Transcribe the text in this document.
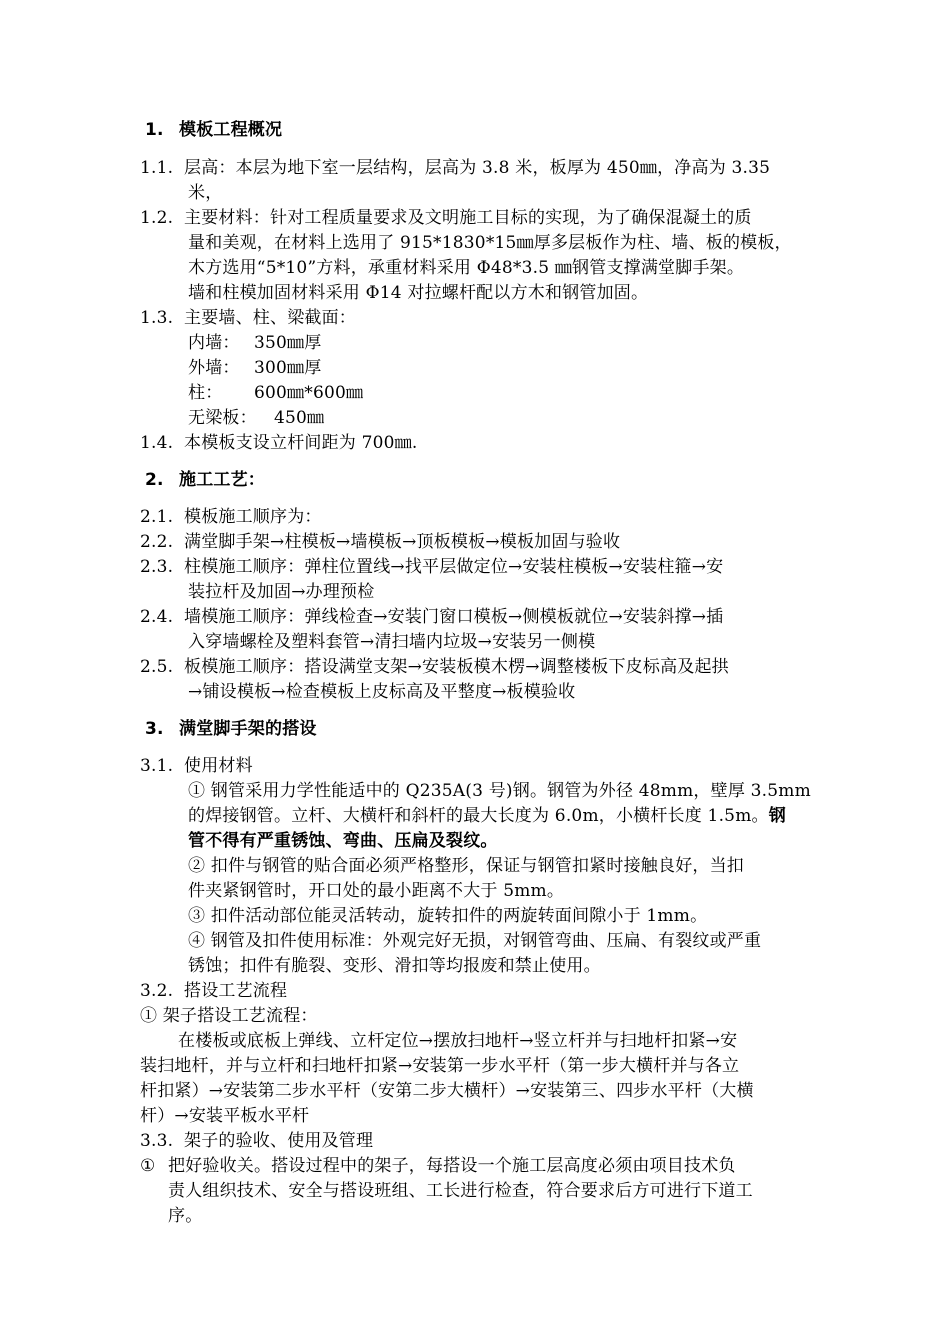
1. 模板工程概况
1.1. 层高：本层为地下室一层结构，层高为 3.8 米，板厚为 450㎜，净高为 3.35
米，
1.2. 主要材料：针对工程质量要求及文明施工目标的实现，为了确保混凝土的质
量和美观，在材料上选用了 915*1830*15㎜厚多层板作为柱、墙、板的模板，
木方选用“5*10”方料，承重材料采用 Φ48*3.5 ㎜钢管支撑满堂脚手架。
墙和柱模加固材料采用 Φ14 对拉螺杆配以方木和钢管加固。
1.3. 主要墙、柱、梁截面：
内墙： 350㎜厚
外墙： 300㎜厚
柱： 600㎜*600㎜
无梁板： 450㎜
1.4. 本模板支设立杆间距为 700㎜.
2. 施工工艺：
2.1. 模板施工顺序为：
2.2. 满堂脚手架→柱模板→墙模板→顶板模板→模板加固与验收
2.3. 柱模施工顺序：弹柱位置线→找平层做定位→安装柱模板→安装柱箍→安
装拉杆及加固→办理预检
2.4. 墙模施工顺序：弹线检查→安装门窗口模板→侧模板就位→安装斜撑→插
入穿墙螺栓及塑料套管→清扫墙内垃圾→安装另一侧模
2.5. 板模施工顺序：搭设满堂支架→安装板模木楞→调整楼板下皮标高及起拱
→铺设模板→检查模板上皮标高及平整度→板模验收
3. 满堂脚手架的搭设
3.1. 使用材料
① 钢管采用力学性能适中的 Q235A(3 号)钢。钢管为外径 48mm，壁厚 3.5mm
的焊接钢管。立杆、大横杆和斜杆的最大长度为 6.0m，小横杆长度 1.5m。钢
管不得有严重锈蚀、弯曲、压扁及裂纹。
② 扣件与钢管的贴合面必须严格整形，保证与钢管扣紧时接触良好，当扣
件夹紧钢管时，开口处的最小距离不大于 5mm。
③ 扣件活动部位能灵活转动，旋转扣件的两旋转面间隙小于 1mm。
④ 钢管及扣件使用标准：外观完好无损，对钢管弯曲、压扁、有裂纹或严重
锈蚀；扣件有脆裂、变形、滑扣等均报废和禁止使用。
3.2. 搭设工艺流程
① 架子搭设工艺流程：
在楼板或底板上弹线、立杆定位→摆放扫地杆→竖立杆并与扫地杆扣紧→安
装扫地杆，并与立杆和扫地杆扣紧→安装第一步水平杆（第一步大横杆并与各立
杆扣紧）→安装第二步水平杆（安第二步大横杆）→安装第三、四步水平杆（大横
杆）→安装平板水平杆
3.3. 架子的验收、使用及管理
① 把好验收关。搭设过程中的架子，每搭设一个施工层高度必须由项目技术负
责人组织技术、安全与搭设班组、工长进行检查，符合要求后方可进行下道工
序。
